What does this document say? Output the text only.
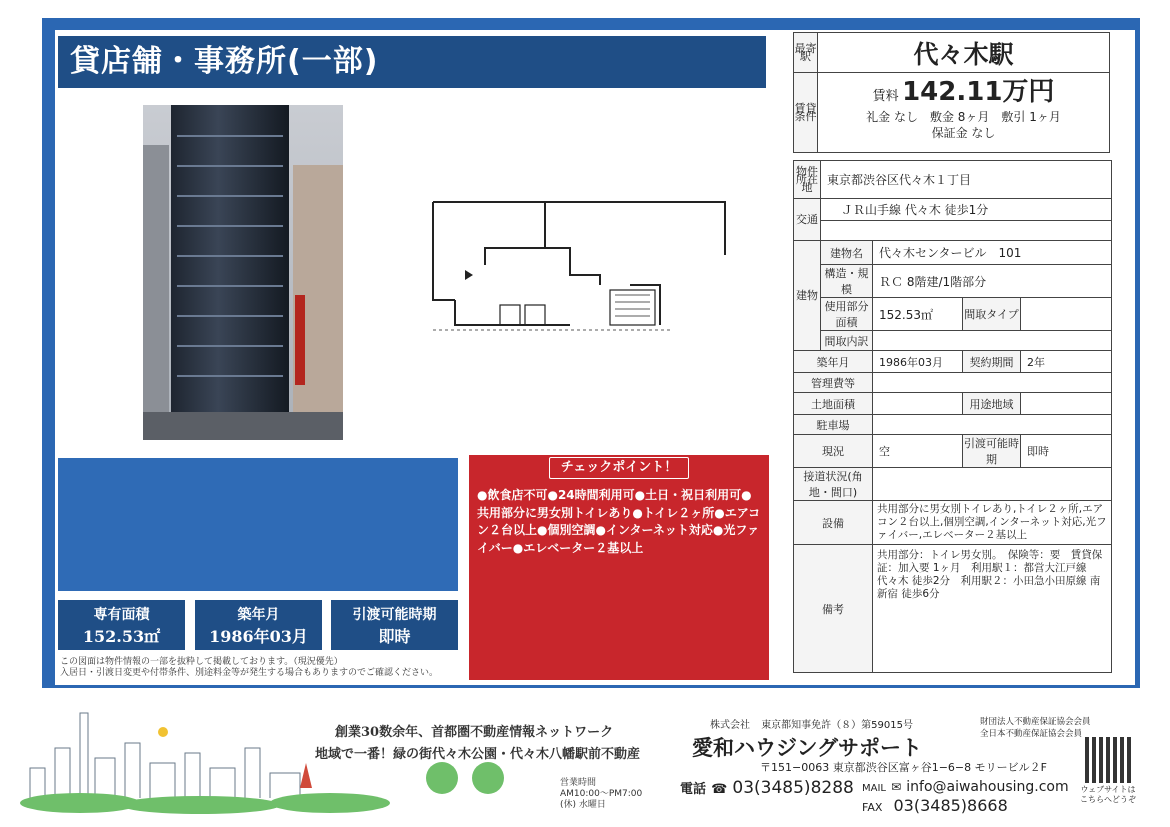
貸店舗・事務所(一部)
専有面積
152.53㎡
築年月
1986年03月
引渡可能時期
即時
この図面は物件情報の一部を抜粋して掲載しております。（現況優先）
入居日・引渡日変更や付帯条件、別途料金等が発生する場合もありますのでご確認ください。
チェックポイント！
●飲食店不可●24時間利用可●土日・祝日利用可●共用部分に男女別トイレあり●トイレ２ヶ所●エアコン２台以上●個別空調●インターネット対応●光ファイバー●エレベーター２基以上
最寄駅	代々木駅
賃貸条件	賃料 142.11万円
礼金 なし　敷金 8ヶ月　敷引 1ヶ月
保証金 なし
物件所在地	東京都渋谷区代々木１丁目			
交通	ＪＲ山手線 代々木 徒歩1分			

建物	建物名	代々木センタービル　101		
	構造・規模	ＲＣ 8階建/1階部分		
	使用部分面積	152.53㎡	間取タイプ	
	間取内訳			
築年月		1986年03月	契約期間	2年
管理費等				
土地面積			用途地域	
駐車場				
現況		空	引渡可能時期	即時
接道状況(角地・間口)				
設備		共用部分に男女別トイレあり,トイレ２ヶ所,エアコン２台以上,個別空調,インターネット対応,光ファイバー,エレベーター２基以上		
備考		共用部分：トイレ男女別。　保険等：要　賃貸保証：加入要 1ヶ月　利用駅１：都営大江戸線 代々木 徒歩2分　利用駅２：小田急小田原線 南新宿 徒歩6分		
創業30数余年、首都圏不動産情報ネットワーク
地域で一番！緑の街代々木公園・代々木八幡駅前不動産
営業時間
AM10:00〜PM7:00
(休) 水曜日
株式会社 東京都知事免許（８）第59015号	財団法人不動産保証協会会員
全日本不動産保証協会会員
愛和ハウジングサポート
〒151−0063 東京都渋谷区富ヶ谷1−6−8 モリービル２F
電話 ☎ 03(3485)8288 MAIL ✉ info@aiwahousing.com
FAX 03(3485)8668
ウェブサイトは
こちらへどうぞ
